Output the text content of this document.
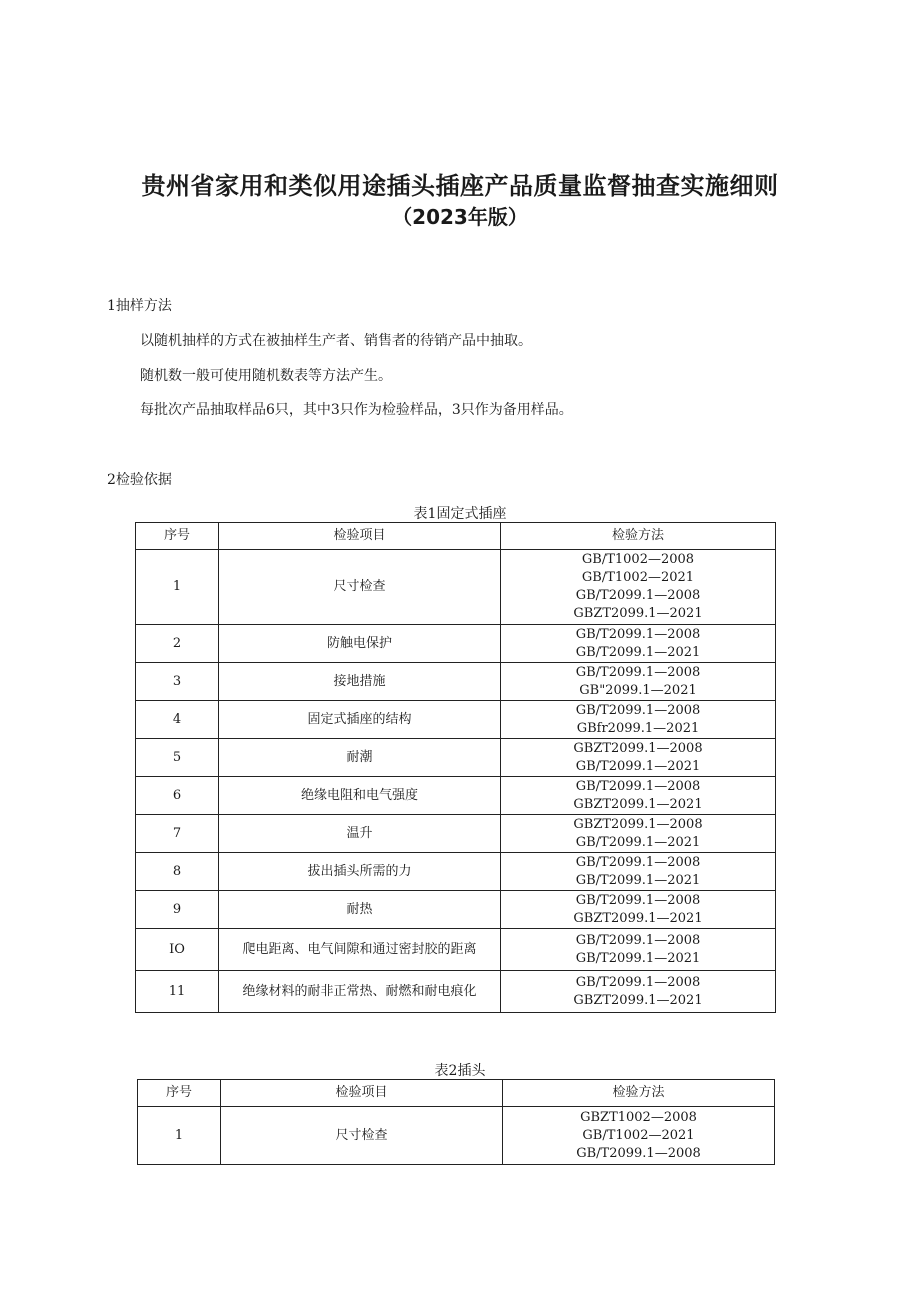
贵州省家用和类似用途插头插座产品质量监督抽查实施细则
（2023年版）
1抽样方法
以随机抽样的方式在被抽样生产者、销售者的待销产品中抽取。
随机数一般可使用随机数表等方法产生。
每批次产品抽取样品6只，其中3只作为检验样品，3只作为备用样品。
2检验依据
表1固定式插座
序号	检验项目	检验方法
1	尺寸检查	GB/T1002—2008
GB/T1002—2021
GB/T2099.1—2008
GBZT2099.1—2021

2	防触电保护	GB/T2099.1—2008
GB/T2099.1—2021

3	接地措施	GB/T2099.1—2008
GB"2099.1—2021

4	固定式插座的结构	GB/T2099.1—2008
GBfr2099.1—2021

5	耐潮	GBZT2099.1—2008
GB/T2099.1—2021

6	绝缘电阻和电气强度	GB/T2099.1—2008
GBZT2099.1—2021

7	温升	GBZT2099.1—2008
GB/T2099.1—2021

8	拔出插头所需的力	GB/T2099.1—2008
GB/T2099.1—2021

9	耐热	GB/T2099.1—2008
GBZT2099.1—2021

IO	爬电距离、电气间隙和通过密封胶的距离	GB/T2099.1—2008
GB/T2099.1—2021

11	绝缘材料的耐非正常热、耐燃和耐电痕化	GB/T2099.1—2008
GBZT2099.1—2021
表2插头
序号	检验项目	检验方法
1	尺寸检查	GBZT1002—2008
GB/T1002—2021
GB/T2099.1—2008
